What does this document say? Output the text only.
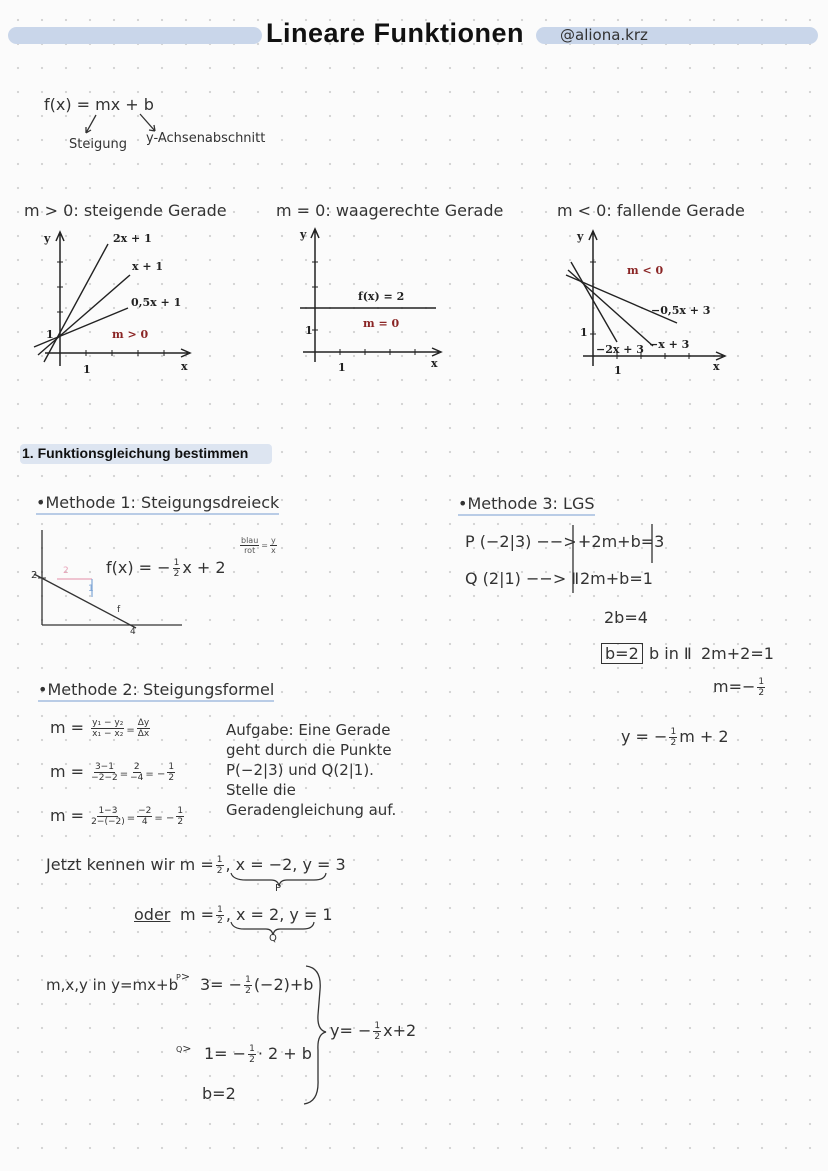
Lineare Funktionen @aliona.krz
f(x) = mx + b
Steigung y-Achsenabschnitt
m > 0: steigende Gerade	m = 0: waagerechte Gerade	m < 0: fallende Gerade
y
x
1
1
2x + 1
x + 1
0,5x + 1
m > 0
y
x
1
1
f(x) = 2
m = 0
y
x
1
1
−0,5x + 3
−2x + 3 −x + 3
m < 0
1. Funktionsgleichung bestimmen
•Methode 1: Steigungsdreieck
2
4
2
1
f
f(x) = − $\frac{1}{2}$ x + 2
$\frac{\text{blau}}{\text{rot}} = \frac{y}{x}$
•Methode 3: LGS
P (−2|3) −−> Ⅰ
Q (2|1) −−> Ⅱ
−2m+b=3
2m+b=1
2b=4
b=2 b in Ⅱ 2m+2=1
$m=- \frac{1}{2}$
y = − $\frac{1}{2}$ m + 2
•Methode 2: Steigungsformel
$m = \frac{\text{y₁ − y₂}}{\text{x₁ − x₂}} = \frac{\Delta y}{\Delta x}$
$m = \frac{3-1}{-2-2} = \frac{2}{-4}$ = − $\frac{1}{2}$
$m = \frac{1-3}{2-(-2)} = \frac{-2}{4}$ = − $\frac{1}{2}$
Aufgabe: Eine Gerade
geht durch die Punkte
P(−2|3) und Q(2|1).
Stelle die
Geradengleichung auf.
Jetzt kennen wir $m = \frac{1}{2}$ , x = −2, y = 3
P
oder $m = \frac{1}{2}$ , x = 2, y = 1
Q
m,x,y in y=mx+b
$P> 3= - \frac{1}{2} (-2)+b$
$Q> 1= - \frac{1}{2} \cdot 2 + b$
b=2
$y= - \frac{1}{2} x+2$
